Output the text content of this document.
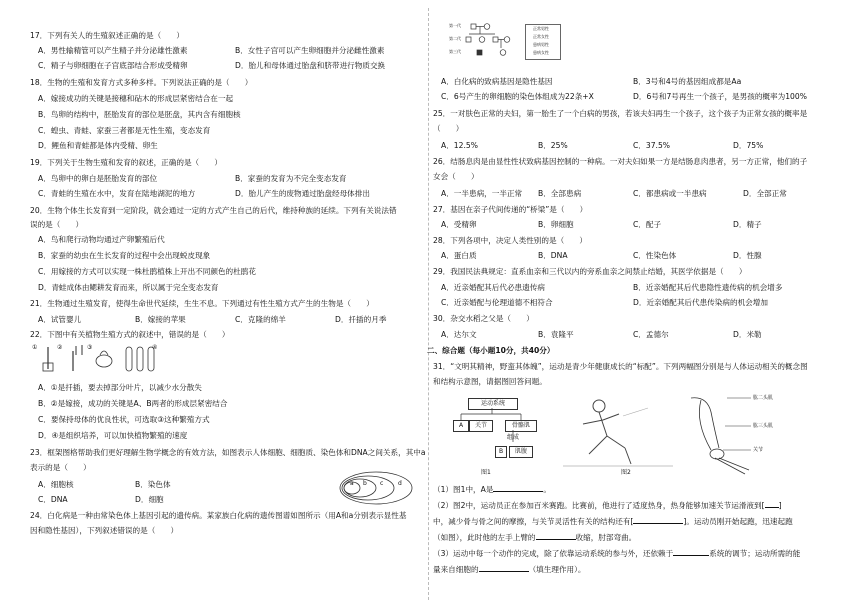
17．下列有关人的生殖叙述正确的是（　　）
A．男性输精管可以产生精子并分泌雄性激素	B．女性子宫可以产生卵细胞并分泌雌性激素
C．精子与卵细胞在子宫底部结合形成受精卵	D．胎儿和母体通过胎盘和脐带进行物质交换
18．生物的生殖和发育方式多种多样。下列说法正确的是（　　）
A．嫁接成功的关键是接穗和砧木的形成层紧密结合在一起
B．鸟卵的结构中，胚胎发育的部位是胚盘，其内含有细胞核
C．蝗虫、青蛙、家蚕三者都是无性生殖，变态发育
D．鲤鱼和青蛙都是体内受精、卵生
19．下列关于生物生殖和发育的叙述，正确的是（　　）
A．鸟卵中的卵白是胚胎发育的部位	B．家蚕的发育为不完全变态发育
C．青蛙的生殖在水中，发育在陆地湖泥的地方	D．胎儿产生的废物通过胎盘经母体排出
20．生物个体生长发育到一定阶段，就会通过一定的方式产生自己的后代，维持种族的延续。下列有关说法错
误的是（　　）
A．鸟和爬行动物均通过产卵繁殖后代
B．家蚕的幼虫在生长发育的过程中会出现蜕皮现象
C．用嫁接的方式可以实现一株杜鹃植株上开出不同颜色的杜鹃花
D．青蛙成体由鳃耕发育而来，所以属于完全变态发育
21．生物通过生殖发育，使得生命世代延续，生生不息。下列通过有性生殖方式产生的生物是（　　）
A．试管婴儿	B．嫁接的苹果	C．克隆的绵羊	D．扦插的月季
22．下图中有关植物生殖方式的叙述中，错误的是（　　）
①	②	③	④
A．①是扦插，要去掉部分叶片，以减少水分散失
B．②是嫁接，成功的关键是A、B两者的形成层紧密结合
C．要保持母体的优良性状，可选取③这种繁殖方式
D．④是组织培养，可以加快植物繁殖的速度
23．框架图格帮助我们更好理解生物学概念的有效方法，如图表示人体细胞、细胞质、染色体和DNA之间关系，其中a
表示的是（　　）
A．细胞核	B．染色体
C．DNA	D．细胞
a b c d
24．白化病是一种由常染色体上基因引起的遗传病。某家族白化病的遗传图谱如图所示（用A和a分别表示显性基
因和隐性基因），下列叙述错误的是（　　）
第一代
第二代
第三代
正常男性
正常女性
患病男性
患病女性
A．白化病的致病基因是隐性基因	B．3号和4号的基因组成都是Aa
C．6号产生的卵细胞的染色体组成为22条+X	D．6号和7号再生一个孩子，是男孩的概率为100%
25．一对肤色正常的夫妇，第一胎生了一个白病的男孩，若该夫妇再生一个孩子，这个孩子为正常女孩的概率是
（　　）
A．12.5%	B．25%	C．37.5%	D．75%
26．结肠息肉是由显性性状致病基因控制的一种病。一对夫妇如果一方是结肠息肉患者，另一方正常，他们的子
女会（　　）
A．一半患病，一半正常 B．全部患病	C．都患病或一半患病	D．全部正常
27．基因在亲子代间传递的“桥梁”是（　　）
A．受精卵	B．卵细胞	C．配子	D．精子
28．下列各项中，决定人类性别的是（　　）
A．蛋白质	B．DNA	C．性染色体	D．性腺
29．我国民法典规定：直系血亲和三代以内的旁系血亲之间禁止结婚，其医学依据是（　　）
A．近亲婚配其后代必患遗传病	B．近亲婚配其后代患隐性遗传病的机会增多
C．近亲婚配与伦理道德不相符合	D．近亲婚配其后代患传染病的机会增加
30．杂交水稻之父是（　　）
A．达尔文	B．袁隆平	C．孟德尔	D．米勒
二、综合题（每小题10分，共40分）
31．“文明其精神，野蛮其体魄”，运动是青少年健康成长的“标配”。下列两幅图分别是与人体运动相关的概念图
和结构示意图，请据图回答问题。
运动系统
A	关节	骨骼肌
组成
B	肌腹
图1
肱二头肌
肱三头肌
关节
图2
（1）图1中，A是	。
（2）图2中，运动员正在参加百米赛跑。比赛前，他进行了适度热身，热身能够加速关节运滑液到[ ]
中，减少骨与骨之间的摩擦，与关节灵活性有关的结构还有[	]。运动员刚开始起跑，迅速起跑
（如图），此时他的左手上臂的	收缩，肘部弯曲。
（3）运动中每一个动作的完成，除了依靠运动系统的参与外，还依赖于	系统的调节；运动所需的能
量来自细胞的	（填生理作用）。
